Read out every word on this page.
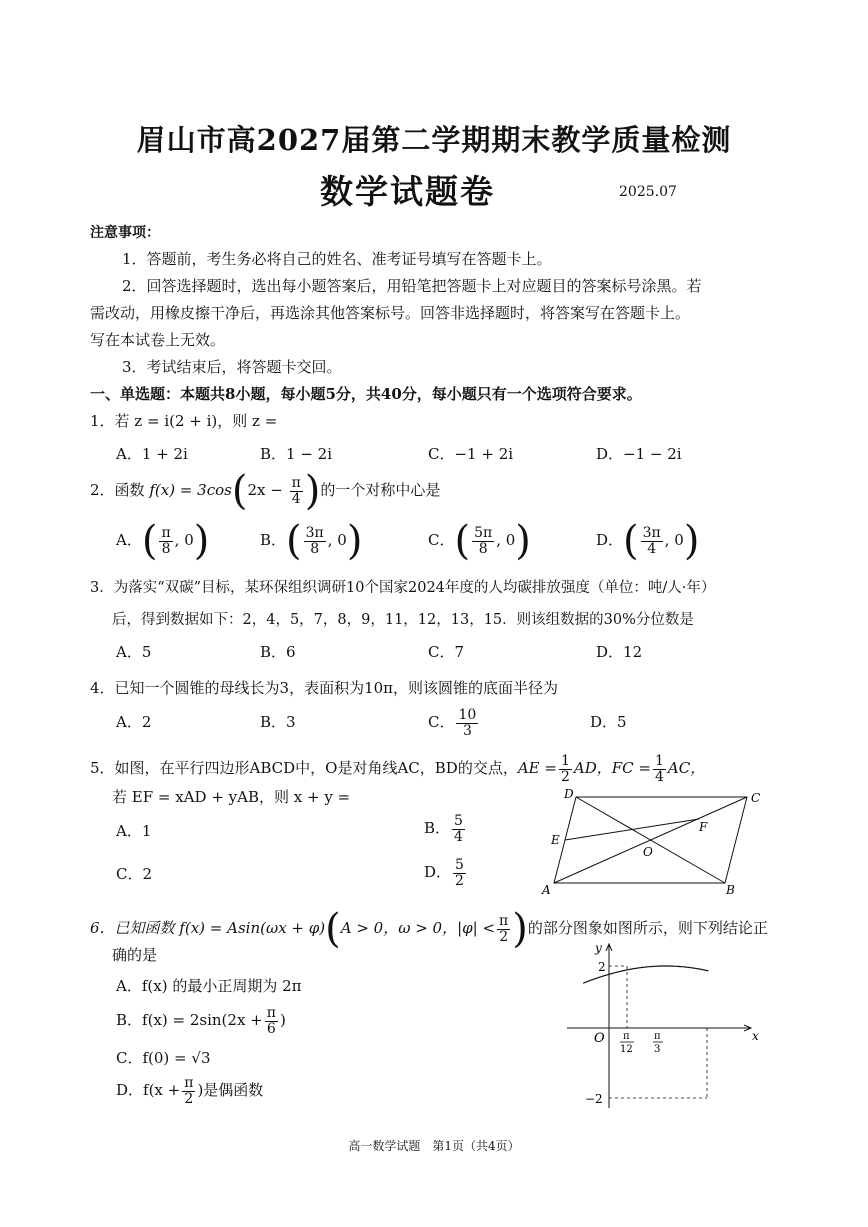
眉山市高2027届第二学期期末教学质量检测
数学试题卷	2025.07
注意事项：
1．答题前，考生务必将自己的姓名、准考证号填写在答题卡上。
2．回答选择题时，选出每小题答案后，用铅笔把答题卡上对应题目的答案标号涂黑。若
需改动，用橡皮擦干净后，再选涂其他答案标号。回答非选择题时，将答案写在答题卡上。
写在本试卷上无效。
3．考试结束后，将答题卡交回。
一、单选题：本题共8小题，每小题5分，共40分，每小题只有一个选项符合要求。
1．若 z = i(2 + i)，则 z =
A．1 + 2i	B．1 − 2i	C．−1 + 2i	D．−1 − 2i
2．函数 $f(x) = 3\cos(2x - \frac{\pi}{4}$ )的一个对称中心是
A．( $\frac{\pi}{8}$ , 0)	B．( $\frac{3\pi}{8}$ , 0)	C．( $\frac{5\pi}{8}$ , 0)	D．( $\frac{3\pi}{4}$ , 0)
3．为落实“双碳”目标，某环保组织调研10个国家2024年度的人均碳排放强度（单位：吨/人·年）
后，得到数据如下：2，4，5，7，8，9，11，12，13，15．则该组数据的30%分位数是
A．5	B．6	C．7	D．12
4．已知一个圆锥的母线长为3，表面积为10π，则该圆锥的底面半径为
A．2	B．3	C． $\frac{10}{3}$	D．5
5．如图，在平行四边形ABCD中，O是对角线AC，BD的交点，AE = $\frac{1}{2}$ AD，FC = $\frac{1}{4}$ AC，
若 EF = xAD + yAB，则 x + y =
A．1	B． $\frac{5}{4}$
C．2	D． $\frac{5}{2}$
A	B
C
D
E
F
O
6．已知函数 f(x) = Asin(ωx + φ)(A > 0，ω > 0，$|\varphi| < \frac{\pi}{2}$ )的部分图象如图所示，则下列结论正
确的是
A．f(x) 的最小正周期为 2π
B．$f(x) = 2\sin(2x + \frac{\pi}{6}$ )
C．f(0) = √3
D．$f(x + \frac{\pi}{2}$ )是偶函数
y
x
O
2
−2
π
12
π
3
高一数学试题　第1页（共4页）
